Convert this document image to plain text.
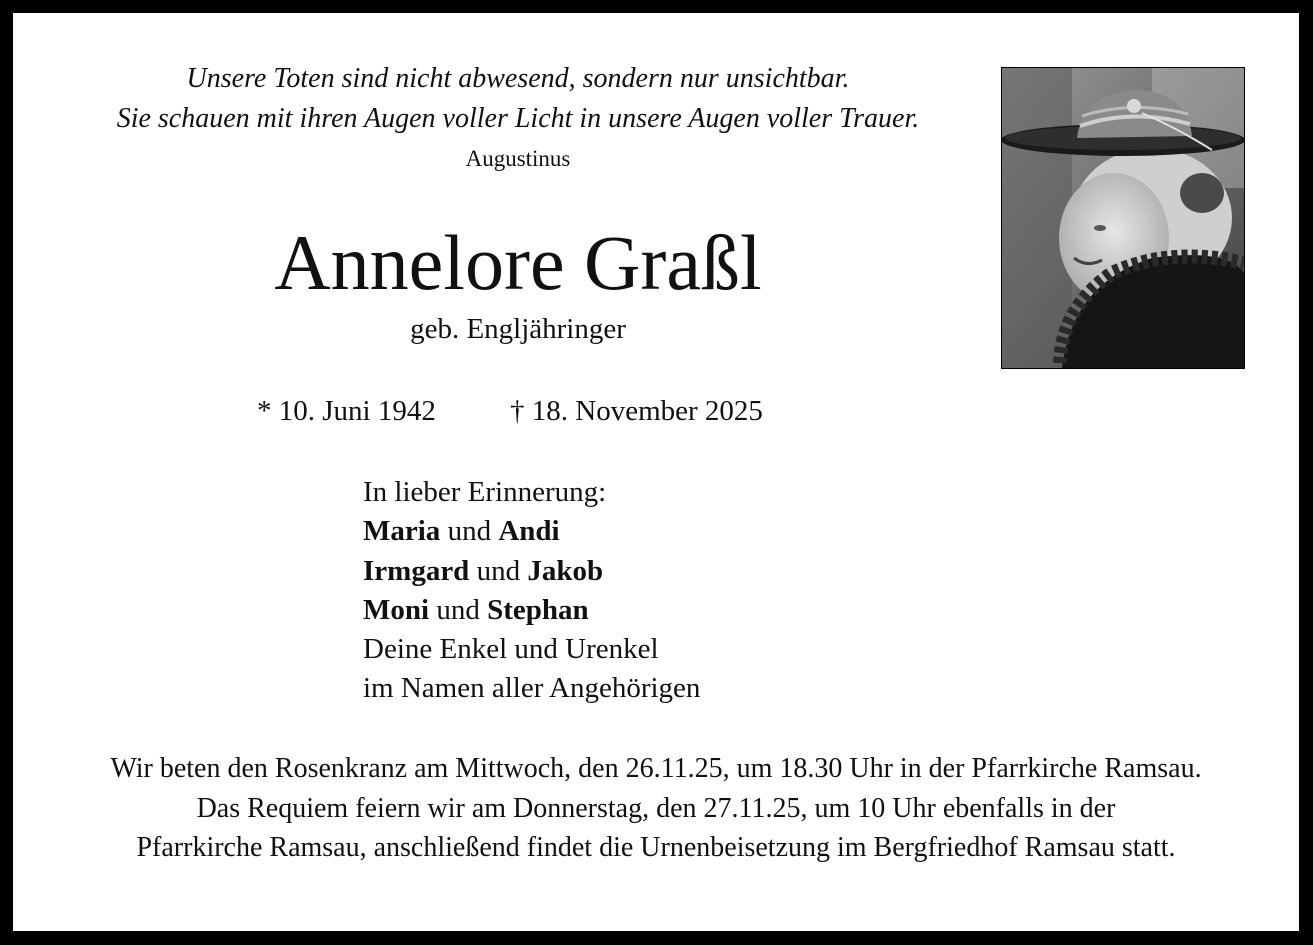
Unsere Toten sind nicht abwesend, sondern nur unsichtbar.
Sie schauen mit ihren Augen voller Licht in unsere Augen voller Trauer.
Augustinus
Annelore Graßl
geb. Engljähringer
* 10. Juni 1942	† 18. November 2025
In lieber Erinnerung:
Maria und Andi
Irmgard und Jakob
Moni und Stephan
Deine Enkel und Urenkel
im Namen aller Angehörigen
Wir beten den Rosenkranz am Mittwoch, den 26.11.25, um 18.30 Uhr in der Pfarrkirche Ramsau.
Das Requiem feiern wir am Donnerstag, den 27.11.25, um 10 Uhr ebenfalls in der
Pfarrkirche Ramsau, anschließend findet die Urnenbeisetzung im Bergfriedhof Ramsau statt.
